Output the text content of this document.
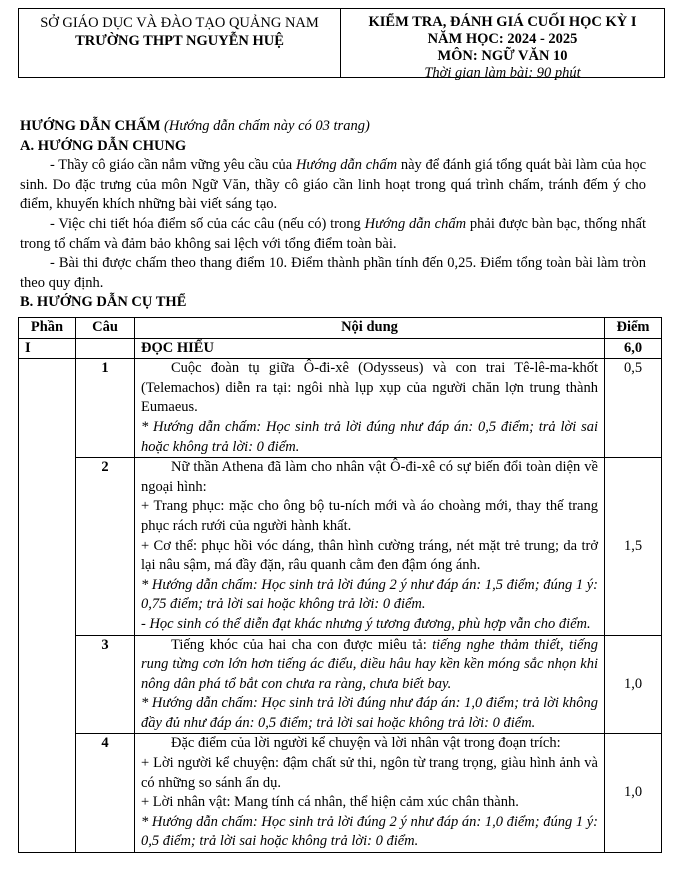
SỞ GIÁO DỤC VÀ ĐÀO TẠO QUẢNG NAM
TRƯỜNG THPT NGUYỄN HUỆ
KIỂM TRA, ĐÁNH GIÁ CUỐI HỌC KỲ I
NĂM HỌC: 2024 - 2025
MÔN: NGỮ VĂN 10
Thời gian làm bài: 90 phút

HƯỚNG DẪN CHẤM (Hướng dẫn chấm này có 03 trang)

A. HƯỚNG DẪN CHUNG

- Thầy cô giáo cần nắm vững yêu cầu của Hướng dẫn chấm này để đánh giá tổng quát bài làm của học sinh. Do đặc trưng của môn Ngữ Văn, thầy cô giáo cần linh hoạt trong quá trình chấm, tránh đếm ý cho điểm, khuyến khích những bài viết sáng tạo.

- Việc chi tiết hóa điểm số của các câu (nếu có) trong Hướng dẫn chấm phải được bàn bạc, thống nhất trong tổ chấm và đảm bảo không sai lệch với tổng điểm toàn bài.

- Bài thi được chấm theo thang điểm 10. Điểm thành phần tính đến 0,25. Điểm tổng toàn bài làm tròn theo quy định.

B. HƯỚNG DẪN CỤ THỂ

Phần	Câu	Nội dung	Điểm
I		ĐỌC HIỂU	6,0
	1	Cuộc đoàn tụ giữa Ô-đi-xê (Odysseus) và con trai Tê-lê-ma-khốt (Telemachos) diễn ra tại: ngôi nhà lụp xụp của người chăn lợn trung thành Eumaeus.

* Hướng dẫn chấm: Học sinh trả lời đúng như đáp án: 0,5 điểm; trả lời sai hoặc không trả lời: 0 điểm.	0,5
	2	Nữ thần Athena đã làm cho nhân vật Ô-đi-xê có sự biến đổi toàn diện về ngoại hình:

+ Trang phục: mặc cho ông bộ tu-ních mới và áo choàng mới, thay thế trang phục rách rưới của người hành khất.

+ Cơ thể: phục hồi vóc dáng, thân hình cường tráng, nét mặt trẻ trung; da trở lại nâu sậm, má đầy đặn, râu quanh cằm đen đậm óng ánh.

* Hướng dẫn chấm: Học sinh trả lời đúng 2 ý như đáp án: 1,5 điểm; đúng 1 ý: 0,75 điểm; trả lời sai hoặc không trả lời: 0 điểm.

- Học sinh có thể diễn đạt khác nhưng ý tương đương, phù hợp vẫn cho điểm.	1,5
	3	Tiếng khóc của hai cha con được miêu tả: tiếng nghe thảm thiết, tiếng rung từng cơn lớn hơn tiếng ác điểu, diều hâu hay kền kền móng sắc nhọn khi nông dân phá tổ bắt con chưa ra ràng, chưa biết bay.

* Hướng dẫn chấm: Học sinh trả lời đúng như đáp án: 1,0 điểm; trả lời không đầy đủ như đáp án: 0,5 điểm; trả lời sai hoặc không trả lời: 0 điểm.	1,0
	4	Đặc điểm của lời người kể chuyện và lời nhân vật trong đoạn trích:

+ Lời người kể chuyện: đậm chất sử thi, ngôn từ trang trọng, giàu hình ảnh và có những so sánh ẩn dụ.

+ Lời nhân vật: Mang tính cá nhân, thể hiện cảm xúc chân thành.

* Hướng dẫn chấm: Học sinh trả lời đúng 2 ý như đáp án: 1,0 điểm; đúng 1 ý: 0,5 điểm; trả lời sai hoặc không trả lời: 0 điểm.	1,0
